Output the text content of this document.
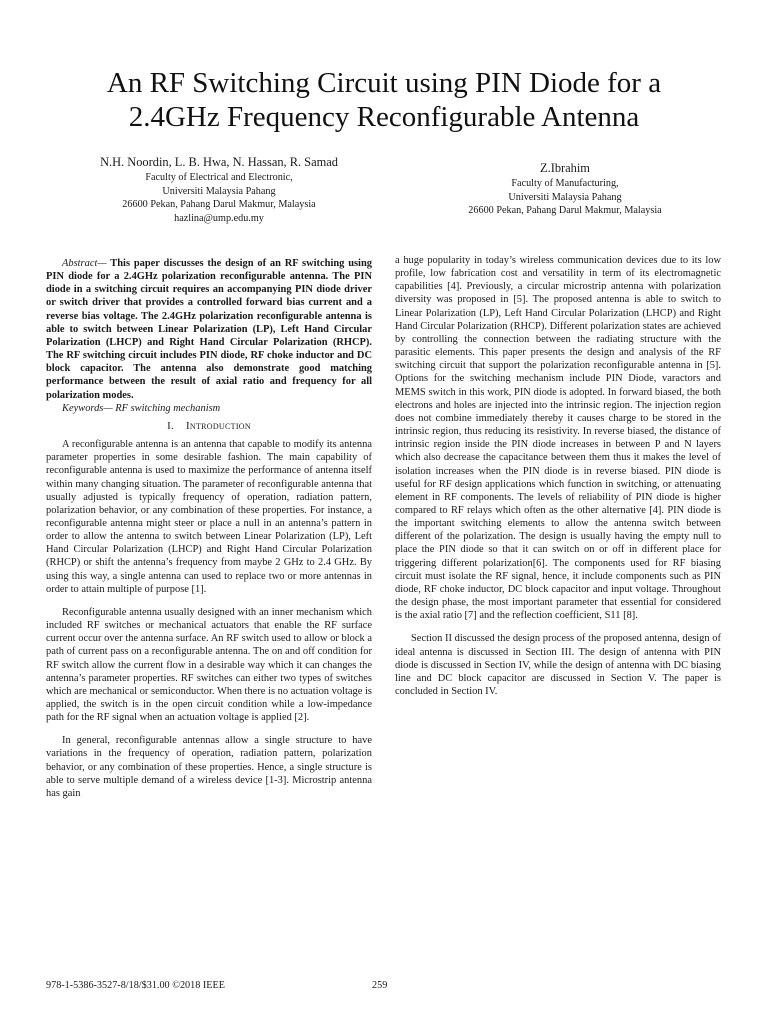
An RF Switching Circuit using PIN Diode for a
2.4GHz Frequency Reconfigurable Antenna
N.H. Noordin, L. B. Hwa, N. Hassan, R. Samad
Faculty of Electrical and Electronic,
Universiti Malaysia Pahang
26600 Pekan, Pahang Darul Makmur, Malaysia
hazlina@ump.edu.my
Z.Ibrahim
Faculty of Manufacturing,
Universiti Malaysia Pahang
26600 Pekan, Pahang Darul Makmur, Malaysia

Abstract— This paper discusses the design of an RF switching using PIN diode for a 2.4GHz polarization reconfigurable antenna. The PIN diode in a switching circuit requires an accompanying PIN diode driver or switch driver that provides a controlled forward bias current and a reverse bias voltage. The 2.4GHz polarization reconfigurable antenna is able to switch between Linear Polarization (LP), Left Hand Circular Polarization (LHCP) and Right Hand Circular Polarization (RHCP). The RF switching circuit includes PIN diode, RF choke inductor and DC block capacitor. The antenna also demonstrate good matching performance between the result of axial ratio and frequency for all polarization modes.

Keywords— RF switching mechanism

I. Introduction

A reconfigurable antenna is an antenna that capable to modify its antenna parameter properties in some desirable fashion. The main capability of reconfigurable antenna is used to maximize the performance of antenna itself within many changing situation. The parameter of reconfigurable antenna that usually adjusted is typically frequency of operation, radiation pattern, polarization behavior, or any combination of these properties. For instance, a reconfigurable antenna might steer or place a null in an antenna’s pattern in order to allow the antenna to switch between Linear Polarization (LP), Left Hand Circular Polarization (LHCP) and Right Hand Circular Polarization (RHCP) or shift the antenna’s frequency from maybe 2 GHz to 2.4 GHz. By using this way, a single antenna can used to replace two or more antennas in order to attain multiple of purpose [1].

Reconfigurable antenna usually designed with an inner mechanism which included RF switches or mechanical actuators that enable the RF surface current occur over the antenna surface. An RF switch used to allow or block a path of current pass on a reconfigurable antenna. The on and off condition for RF switch allow the current flow in a desirable way which it can changes the antenna’s parameter properties. RF switches can either two types of switches which are mechanical or semiconductor. When there is no actuation voltage is applied, the switch is in the open circuit condition while a low-impedance path for the RF signal when an actuation voltage is applied [2].

In general, reconfigurable antennas allow a single structure to have variations in the frequency of operation, radiation pattern, polarization behavior, or any combination of these properties. Hence, a single structure is able to serve multiple demand of a wireless device [1-3]. Microstrip antenna has gain

a huge popularity in today’s wireless communication devices due to its low profile, low fabrication cost and versatility in term of its electromagnetic capabilities [4]. Previously, a circular microstrip antenna with polarization diversity was proposed in [5]. The proposed antenna is able to switch to Linear Polarization (LP), Left Hand Circular Polarization (LHCP) and Right Hand Circular Polarization (RHCP). Different polarization states are achieved by controlling the connection between the radiating structure with the parasitic elements. This paper presents the design and analysis of the RF switching circuit that support the polarization reconfigurable antenna in [5]. Options for the switching mechanism include PIN Diode, varactors and MEMS switch in this work, PIN diode is adopted. In forward biased, the both electrons and holes are injected into the intrinsic region. The injection region does not combine immediately thereby it causes charge to be stored in the intrinsic region, thus reducing its resistivity. In reverse biased, the distance of intrinsic region inside the PIN diode increases in between P and N layers which also decrease the capacitance between them thus it makes the level of isolation increases when the PIN diode is in reverse biased. PIN diode is useful for RF design applications which function in switching, or attenuating element in RF components. The levels of reliability of PIN diode is higher compared to RF relays which often as the other alternative [4]. PIN diode is the important switching elements to allow the antenna switch between different of the polarization. The design is usually having the empty null to place the PIN diode so that it can switch on or off in different place for triggering different polarization[6]. The components used for RF biasing circuit must isolate the RF signal, hence, it include components such as PIN diode, RF choke inductor, DC block capacitor and input voltage. Throughout the design phase, the most important parameter that essential for considered is the axial ratio [7] and the reflection coefficient, S11 [8].

Section II discussed the design process of the proposed antenna, design of ideal antenna is discussed in Section III. The design of antenna with PIN diode is discussed in Section IV, while the design of antenna with DC biasing line and DC block capacitor are discussed in Section V. The paper is concluded in Section IV.

978-1-5386-3527-8/18/$31.00 ©2018 IEEE	259
